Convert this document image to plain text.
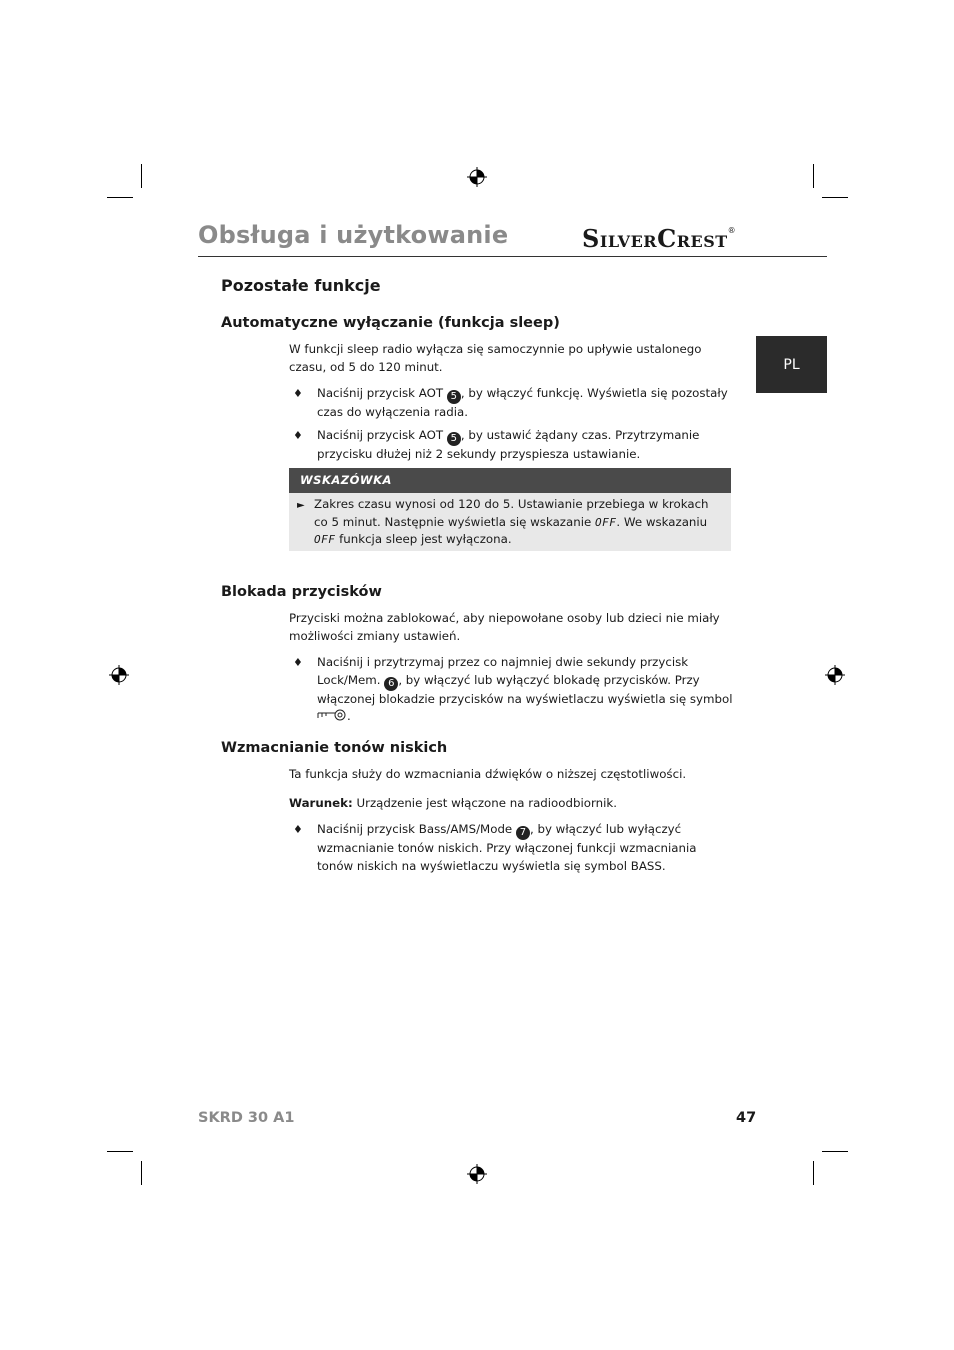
Obsługa i użytkowanie	SILVERCREST®
PL
Pozostałe funkcje
Automatyczne wyłączanie (funkcja sleep)

W funkcji sleep radio wyłącza się samoczynnie po upływie ustalonego czasu, od 5 do 120 minut.

♦ Naciśnij przycisk AOT 5 , by włączyć funkcję. Wyświetla się pozostały czas do wyłączenia radia.
♦ Naciśnij przycisk AOT 5 , by ustawić żądany czas. Przytrzymanie przycisku dłużej niż 2 sekundy przyspiesza ustawianie.
WSKAZÓWKA
► Zakres czasu wynosi od 120 do 5. Ustawianie przebiega w krokach co 5 minut. Następnie wyświetla się wskazanie OFF. We wskazaniu OFF funkcja sleep jest wyłączona.
Blokada przycisków

Przyciski można zablokować, aby niepowołane osoby lub dzieci nie miały możliwości zmiany ustawień.

♦ Naciśnij i przytrzymaj przez co najmniej dwie sekundy przycisk Lock/Mem. 6 , by włączyć lub wyłączyć blokadę przycisków. Przy włączonej blokadzie przycisków na wyświetlaczu wyświetla się symbol .
Wzmacnianie tonów niskich

Ta funkcja służy do wzmacniania dźwięków o niższej częstotliwości.

Warunek: Urządzenie jest włączone na radioodbiornik.

♦ Naciśnij przycisk Bass/AMS/Mode 7 , by włączyć lub wyłączyć wzmacnianie tonów niskich. Przy włączonej funkcji wzmacniania tonów niskich na wyświetlaczu wyświetla się symbol BASS.
SKRD 30 A1	47
